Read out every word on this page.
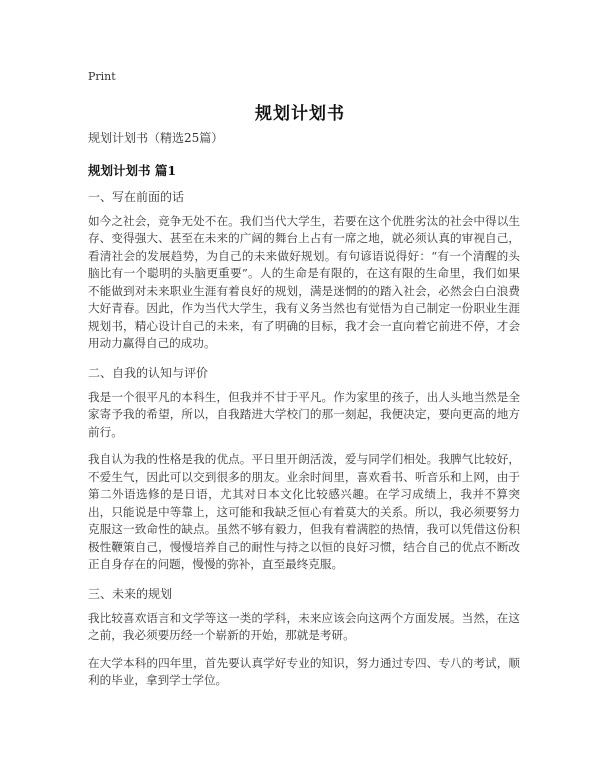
Print
规划计划书

规划计划书（精选25篇）

规划计划书 篇1

一、写在前面的话

如今之社会，竞争无处不在。我们当代大学生，若要在这个优胜劣汰的社会中得以生存、变得强大、甚至在未来的广阔的舞台上占有一席之地，就必须认真的审视自己，看清社会的发展趋势，为自己的未来做好规划。有句谚语说得好：“有一个清醒的头脑比有一个聪明的头脑更重要”。人的生命是有限的，在这有限的生命里，我们如果不能做到对未来职业生涯有着良好的规划，满是迷惘的的踏入社会，必然会白白浪费大好青春。因此，作为当代大学生，我有义务当然也有觉悟为自己制定一份职业生涯规划书，精心设计自己的未来，有了明确的目标，我才会一直向着它前进不停，才会用动力赢得自己的成功。

二、自我的认知与评价

我是一个很平凡的本科生，但我并不甘于平凡。作为家里的孩子，出人头地当然是全家寄予我的希望，所以，自我踏进大学校门的那一刻起，我便决定，要向更高的地方前行。

我自认为我的性格是我的优点。平日里开朗活泼，爱与同学们相处。我脾气比较好，不爱生气，因此可以交到很多的朋友。业余时间里，喜欢看书、听音乐和上网，由于第二外语选修的是日语，尤其对日本文化比较感兴趣。在学习成绩上，我并不算突出，只能说是中等靠上，这可能和我缺乏恒心有着莫大的关系。所以，我必须要努力克服这一致命性的缺点。虽然不够有毅力，但我有着满腔的热情，我可以凭借这份积极性鞭策自己，慢慢培养自己的耐性与持之以恒的良好习惯，结合自己的优点不断改正自身存在的问题，慢慢的弥补，直至最终克服。

三、未来的规划

我比较喜欢语言和文学等这一类的学科，未来应该会向这两个方面发展。当然，在这之前，我必须要历经一个崭新的开始，那就是考研。

在大学本科的四年里，首先要认真学好专业的知识，努力通过专四、专八的考试，顺利的毕业，拿到学士学位。
